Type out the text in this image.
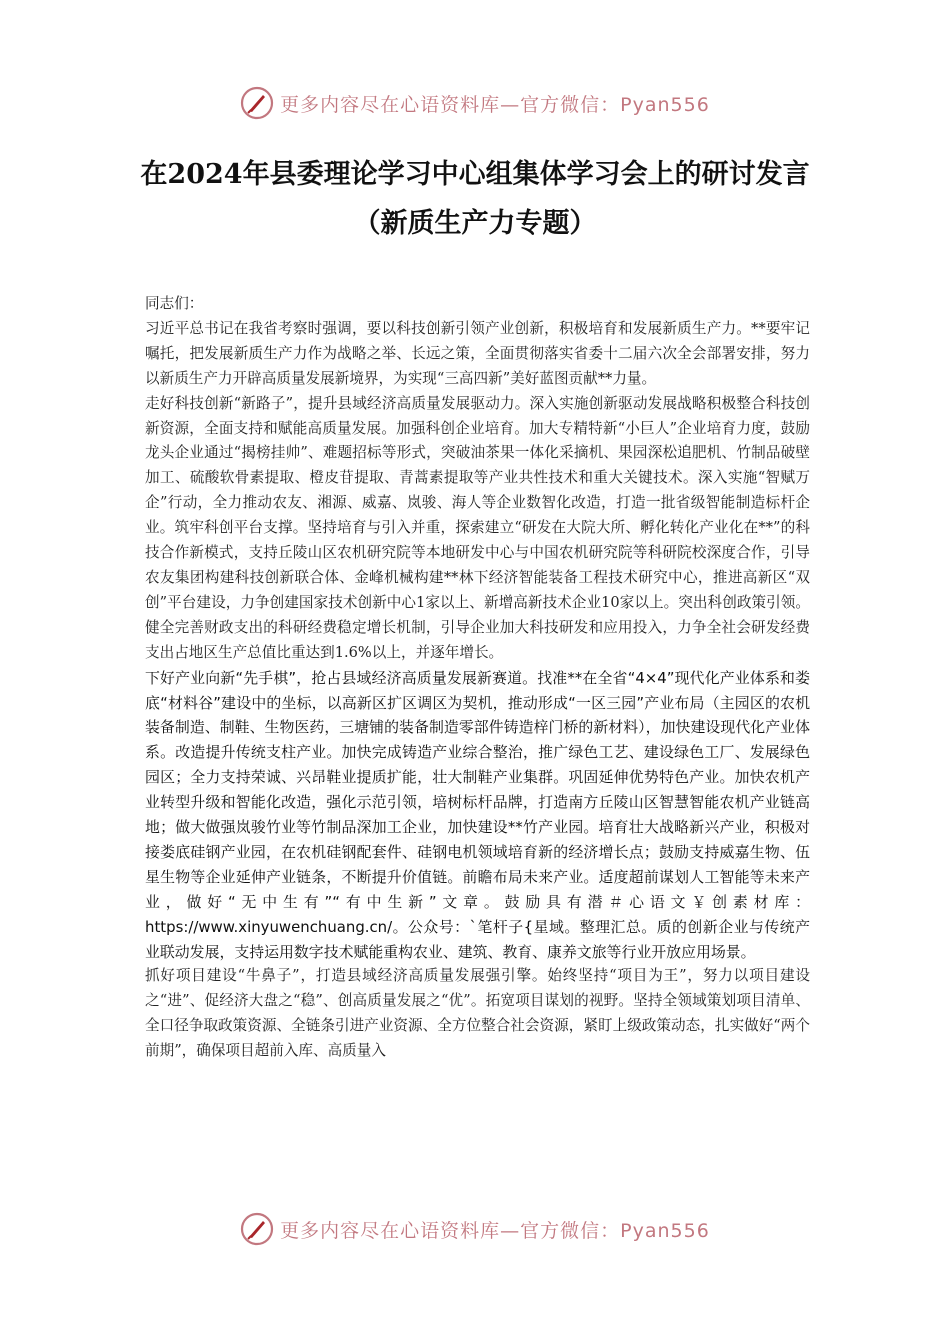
更多内容尽在心语资料库—官方微信：Pyan556
在2024年县委理论学习中心组集体学习会上的研讨发言（新质生产力专题）

同志们：

习近平总书记在我省考察时强调，要以科技创新引领产业创新，积极培育和发展新质生产力。**要牢记嘱托，把发展新质生产力作为战略之举、长远之策，全面贯彻落实省委十二届六次全会部署安排，努力以新质生产力开辟高质量发展新境界，为实现“三高四新”美好蓝图贡献**力量。

走好科技创新“新路子”，提升县域经济高质量发展驱动力。深入实施创新驱动发展战略积极整合科技创新资源，全面支持和赋能高质量发展。加强科创企业培育。加大专精特新“小巨人”企业培育力度，鼓励龙头企业通过“揭榜挂帅”、难题招标等形式，突破油茶果一体化采摘机、果园深松追肥机、竹制品破壁加工、硫酸软骨素提取、橙皮苷提取、青蒿素提取等产业共性技术和重大关键技术。深入实施“智赋万企”行动，全力推动农友、湘源、威嘉、岚骏、海人等企业数智化改造，打造一批省级智能制造标杆企业。筑牢科创平台支撑。坚持培育与引入并重，探索建立“研发在大院大所、孵化转化产业化在**”的科技合作新模式，支持丘陵山区农机研究院等本地研发中心与中国农机研究院等科研院校深度合作，引导农友集团构建科技创新联合体、金峰机械构建**林下经济智能装备工程技术研究中心，推进高新区“双创”平台建设，力争创建国家技术创新中心1家以上、新增高新技术企业10家以上。突出科创政策引领。健全完善财政支出的科研经费稳定增长机制，引导企业加大科技研发和应用投入，力争全社会研发经费支出占地区生产总值比重达到1.6%以上，并逐年增长。

下好产业向新“先手棋”，抢占县域经济高质量发展新赛道。找准**在全省“4×4”现代化产业体系和娄底“材料谷”建设中的坐标，以高新区扩区调区为契机，推动形成“一区三园”产业布局（主园区的农机装备制造、制鞋、生物医药，三塘铺的装备制造零部件铸造梓门桥的新材料），加快建设现代化产业体系。改造提升传统支柱产业。加快完成铸造产业综合整治，推广绿色工艺、建设绿色工厂、发展绿色园区；全力支持荣诚、兴昂鞋业提质扩能，壮大制鞋产业集群。巩固延伸优势特色产业。加快农机产业转型升级和智能化改造，强化示范引领，培树标杆品牌，打造南方丘陵山区智慧智能农机产业链高地；做大做强岚骏竹业等竹制品深加工企业，加快建设**竹产业园。培育壮大战略新兴产业，积极对接娄底硅钢产业园，在农机硅钢配套件、硅钢电机领域培育新的经济增长点；鼓励支持威嘉生物、伍星生物等企业延伸产业链条，不断提升价值链。前瞻布局未来产业。适度超前谋划人工智能等未来产业，做好“无中生有”“有中生新”文章。鼓励具有潜＃心语文￥创素材库：https://www.xinyuwenchuang.cn/。公众号：`笔杆子{星域。整理汇总。质的创新企业与传统产业联动发展，支持运用数字技术赋能重构农业、建筑、教育、康养文旅等行业开放应用场景。

抓好项目建设“牛鼻子”，打造县域经济高质量发展强引擎。始终坚持“项目为王”，努力以项目建设之“进”、促经济大盘之“稳”、创高质量发展之“优”。拓宽项目谋划的视野。坚持全领域策划项目清单、全口径争取政策资源、全链条引进产业资源、全方位整合社会资源，紧盯上级政策动态，扎实做好“两个前期”，确保项目超前入库、高质量入

更多内容尽在心语资料库—官方微信：Pyan556
